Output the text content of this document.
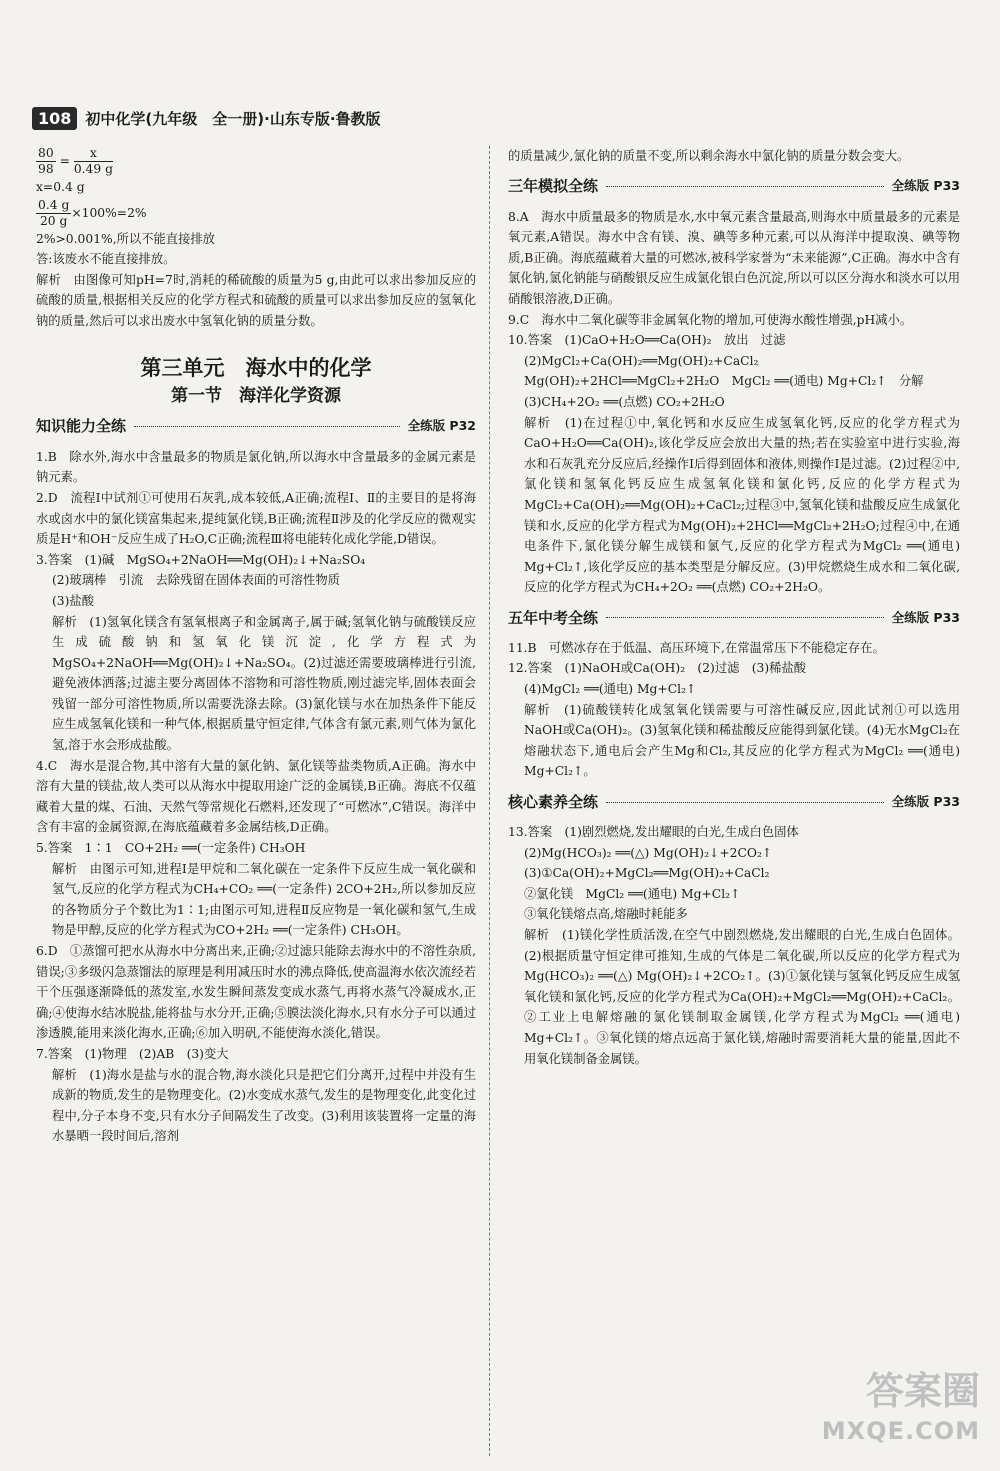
108 初中化学(九年级　全一册)·山东专版·鲁教版
$\frac{80}{98} = \frac{x}{0.49 g}$
x=0.4 g
$\frac{0.4 g}{20 g} \times 100\%=2\%$
2%>0.001%,所以不能直接排放
答:该废水不能直接排放。

解析　由图像可知pH=7时,消耗的稀硫酸的质量为5 g,由此可以求出参加反应的硫酸的质量,根据相关反应的化学方程式和硫酸的质量可以求出参加反应的氢氧化钠的质量,然后可以求出废水中氢氧化钠的质量分数。

第三单元　海水中的化学
第一节　海洋化学资源
知识能力全练	全练版 P32

1.B　除水外,海水中含量最多的物质是氯化钠,所以海水中含量最多的金属元素是钠元素。

2.D　流程Ⅰ中试剂①可使用石灰乳,成本较低,A正确;流程Ⅰ、Ⅱ的主要目的是将海水或卤水中的氯化镁富集起来,提纯氯化镁,B正确;流程Ⅱ涉及的化学反应的微观实质是H⁺和OH⁻反应生成了H₂O,C正确;流程Ⅲ将电能转化成化学能,D错误。

3.答案　(1)碱　MgSO₄+2NaOH══Mg(OH)₂↓+Na₂SO₄

(2)玻璃棒　引流　去除残留在固体表面的可溶性物质

(3)盐酸

解析　(1)氢氧化镁含有氢氧根离子和金属离子,属于碱;氢氧化钠与硫酸镁反应生成硫酸钠和氢氧化镁沉淀,化学方程式为MgSO₄+2NaOH══Mg(OH)₂↓+Na₂SO₄。(2)过滤还需要玻璃棒进行引流,避免液体洒落;过滤主要分离固体不溶物和可溶性物质,刚过滤完毕,固体表面会残留一部分可溶性物质,所以需要洗涤去除。(3)氯化镁与水在加热条件下能反应生成氢氧化镁和一种气体,根据质量守恒定律,气体含有氯元素,则气体为氯化氢,溶于水会形成盐酸。

4.C　海水是混合物,其中溶有大量的氯化钠、氯化镁等盐类物质,A正确。海水中溶有大量的镁盐,故人类可以从海水中提取用途广泛的金属镁,B正确。海底不仅蕴藏着大量的煤、石油、天然气等常规化石燃料,还发现了“可燃冰”,C错误。海洋中含有丰富的金属资源,在海底蕴藏着多金属结核,D正确。

5.答案　1∶1　CO+2H₂ ══(一定条件) CH₃OH

解析　由图示可知,进程Ⅰ是甲烷和二氧化碳在一定条件下反应生成一氧化碳和氢气,反应的化学方程式为CH₄+CO₂ ══(一定条件) 2CO+2H₂,所以参加反应的各物质分子个数比为1∶1;由图示可知,进程Ⅱ反应物是一氧化碳和氢气,生成物是甲醇,反应的化学方程式为CO+2H₂ ══(一定条件) CH₃OH。

6.D　①蒸馏可把水从海水中分离出来,正确;②过滤只能除去海水中的不溶性杂质,错误;③多级闪急蒸馏法的原理是利用减压时水的沸点降低,使高温海水依次流经若干个压强逐渐降低的蒸发室,水发生瞬间蒸发变成水蒸气,再将水蒸气冷凝成水,正确;④使海水结冰脱盐,能将盐与水分开,正确;⑤膜法淡化海水,只有水分子可以通过渗透膜,能用来淡化海水,正确;⑥加入明矾,不能使海水淡化,错误。

7.答案　(1)物理　(2)AB　(3)变大

解析　(1)海水是盐与水的混合物,海水淡化只是把它们分离开,过程中并没有生成新的物质,发生的是物理变化。(2)水变成水蒸气,发生的是物理变化,此变化过程中,分子本身不变,只有水分子间隔发生了改变。(3)利用该装置将一定量的海水暴晒一段时间后,溶剂

的质量减少,氯化钠的质量不变,所以剩余海水中氯化钠的质量分数会变大。

三年模拟全练	全练版 P33

8.A　海水中质量最多的物质是水,水中氧元素含量最高,则海水中质量最多的元素是氧元素,A错误。海水中含有镁、溴、碘等多种元素,可以从海洋中提取溴、碘等物质,B正确。海底蕴藏着大量的可燃冰,被科学家誉为“未来能源”,C正确。海水中含有氯化钠,氯化钠能与硝酸银反应生成氯化银白色沉淀,所以可以区分海水和淡水可以用硝酸银溶液,D正确。

9.C　海水中二氧化碳等非金属氧化物的增加,可使海水酸性增强,pH减小。

10.答案　(1)CaO+H₂O══Ca(OH)₂　放出　过滤

(2)MgCl₂+Ca(OH)₂══Mg(OH)₂+CaCl₂　Mg(OH)₂+2HCl══MgCl₂+2H₂O　MgCl₂ ══(通电) Mg+Cl₂↑　分解

(3)CH₄+2O₂ ══(点燃) CO₂+2H₂O

解析　(1)在过程①中,氧化钙和水反应生成氢氧化钙,反应的化学方程式为CaO+H₂O══Ca(OH)₂,该化学反应会放出大量的热;若在实验室中进行实验,海水和石灰乳充分反应后,经操作Ⅰ后得到固体和液体,则操作Ⅰ是过滤。(2)过程②中,氯化镁和氢氧化钙反应生成氢氧化镁和氯化钙,反应的化学方程式为MgCl₂+Ca(OH)₂══Mg(OH)₂+CaCl₂;过程③中,氢氧化镁和盐酸反应生成氯化镁和水,反应的化学方程式为Mg(OH)₂+2HCl══MgCl₂+2H₂O;过程④中,在通电条件下,氯化镁分解生成镁和氯气,反应的化学方程式为MgCl₂ ══(通电) Mg+Cl₂↑,该化学反应的基本类型是分解反应。(3)甲烷燃烧生成水和二氧化碳,反应的化学方程式为CH₄+2O₂ ══(点燃) CO₂+2H₂O。

五年中考全练	全练版 P33

11.B　可燃冰存在于低温、高压环境下,在常温常压下不能稳定存在。

12.答案　(1)NaOH或Ca(OH)₂　(2)过滤　(3)稀盐酸

(4)MgCl₂ ══(通电) Mg+Cl₂↑

解析　(1)硫酸镁转化成氢氧化镁需要与可溶性碱反应,因此试剂①可以选用NaOH或Ca(OH)₂。(3)氢氧化镁和稀盐酸反应能得到氯化镁。(4)无水MgCl₂在熔融状态下,通电后会产生Mg和Cl₂,其反应的化学方程式为MgCl₂ ══(通电) Mg+Cl₂↑。

核心素养全练	全练版 P33

13.答案　(1)剧烈燃烧,发出耀眼的白光,生成白色固体

(2)Mg(HCO₃)₂ ══(△) Mg(OH)₂↓+2CO₂↑

(3)①Ca(OH)₂+MgCl₂══Mg(OH)₂+CaCl₂

②氯化镁　MgCl₂ ══(通电) Mg+Cl₂↑

③氧化镁熔点高,熔融时耗能多

解析　(1)镁化学性质活泼,在空气中剧烈燃烧,发出耀眼的白光,生成白色固体。(2)根据质量守恒定律可推知,生成的气体是二氧化碳,所以反应的化学方程式为Mg(HCO₃)₂ ══(△) Mg(OH)₂↓+2CO₂↑。(3)①氯化镁与氢氧化钙反应生成氢氧化镁和氯化钙,反应的化学方程式为Ca(OH)₂+MgCl₂══Mg(OH)₂+CaCl₂。②工业上电解熔融的氯化镁制取金属镁,化学方程式为MgCl₂ ══(通电) Mg+Cl₂↑。③氧化镁的熔点远高于氯化镁,熔融时需要消耗大量的能量,因此不用氧化镁制备金属镁。

答案圈
MXQE.COM
